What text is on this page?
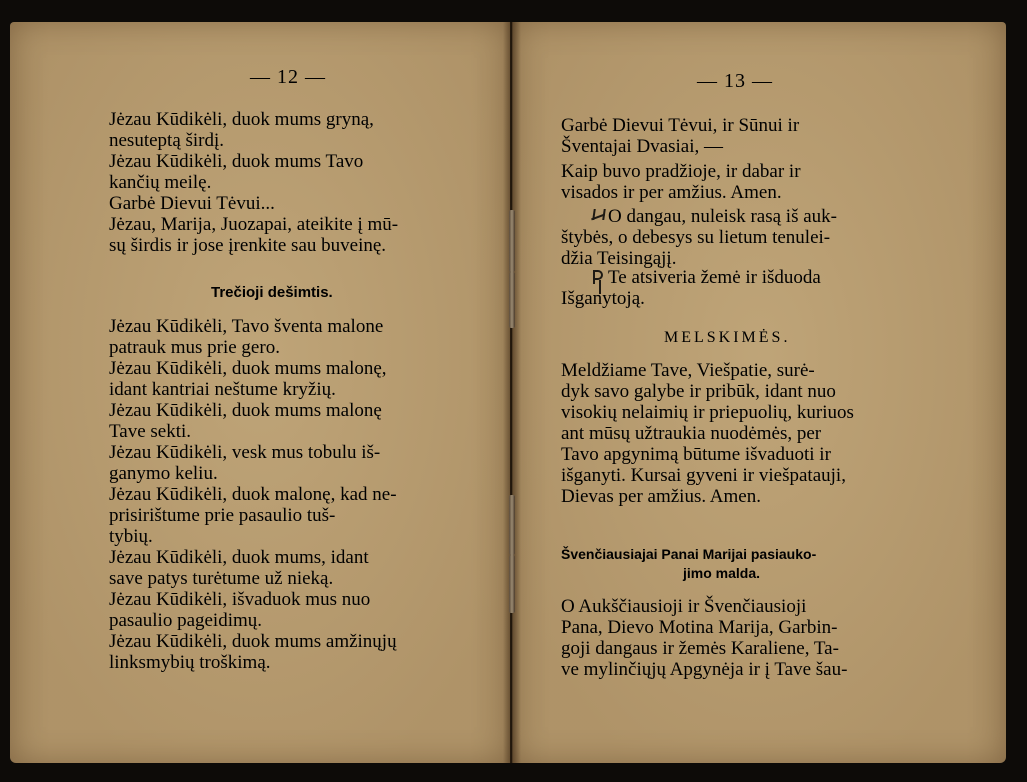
— 12 —
Jėzau Kūdikėli, duok mums gryną,
nesuteptą širdį.
Jėzau Kūdikėli, duok mums Tavo
kančių meilę.
Garbė Dievui Tėvui...
Jėzau, Marija, Juozapai, ateikite į mū-
sų širdis ir jose įrenkite sau buveinę.
Trečioji dešimtis.
Jėzau Kūdikėli, Tavo šventa malone
patrauk mus prie gero.
Jėzau Kūdikėli, duok mums malonę,
idant kantriai neštume kryžių.
Jėzau Kūdikėli, duok mums malonę
Tave sekti.
Jėzau Kūdikėli, vesk mus tobulu iš-
ganymo keliu.
Jėzau Kūdikėli, duok malonę, kad ne-
prisirištume prie pasaulio tuš-
tybių.
Jėzau Kūdikėli, duok mums, idant
save patys turėtume už nieką.
Jėzau Kūdikėli, išvaduok mus nuo
pasaulio pageidimų.
Jėzau Kūdikėli, duok mums amžinųjų
linksmybių troškimą.
— 13 —
Garbė Dievui Tėvui, ir Sūnui ir
Šventajai Dvasiai, —
Kaip buvo pradžioje, ir dabar ir
visados ir per amžius. Amen.
O dangau, nuleisk rasą iš auk-
štybės, o debesys su lietum tenulei-
džia Teisingąjį.
Te atsiveria žemė ir išduoda
Išganytoją.
MELSKIMĖS.
Meldžiame Tave, Viešpatie, surė-
dyk savo galybe ir pribūk, idant nuo
visokių nelaimių ir priepuolių, kuriuos
ant mūsų užtraukia nuodėmės, per
Tavo apgynimą būtume išvaduoti ir
išganyti. Kursai gyveni ir viešpatauji,
Dievas per amžius. Amen.
Švenčiausiajai Panai Marijai pasiauko-
jimo malda.
O Aukščiausioji ir Švenčiausioji
Pana, Dievo Motina Marija, Garbin-
goji dangaus ir žemės Karaliene, Ta-
ve mylinčiųjų Apgynėja ir į Tave šau-
